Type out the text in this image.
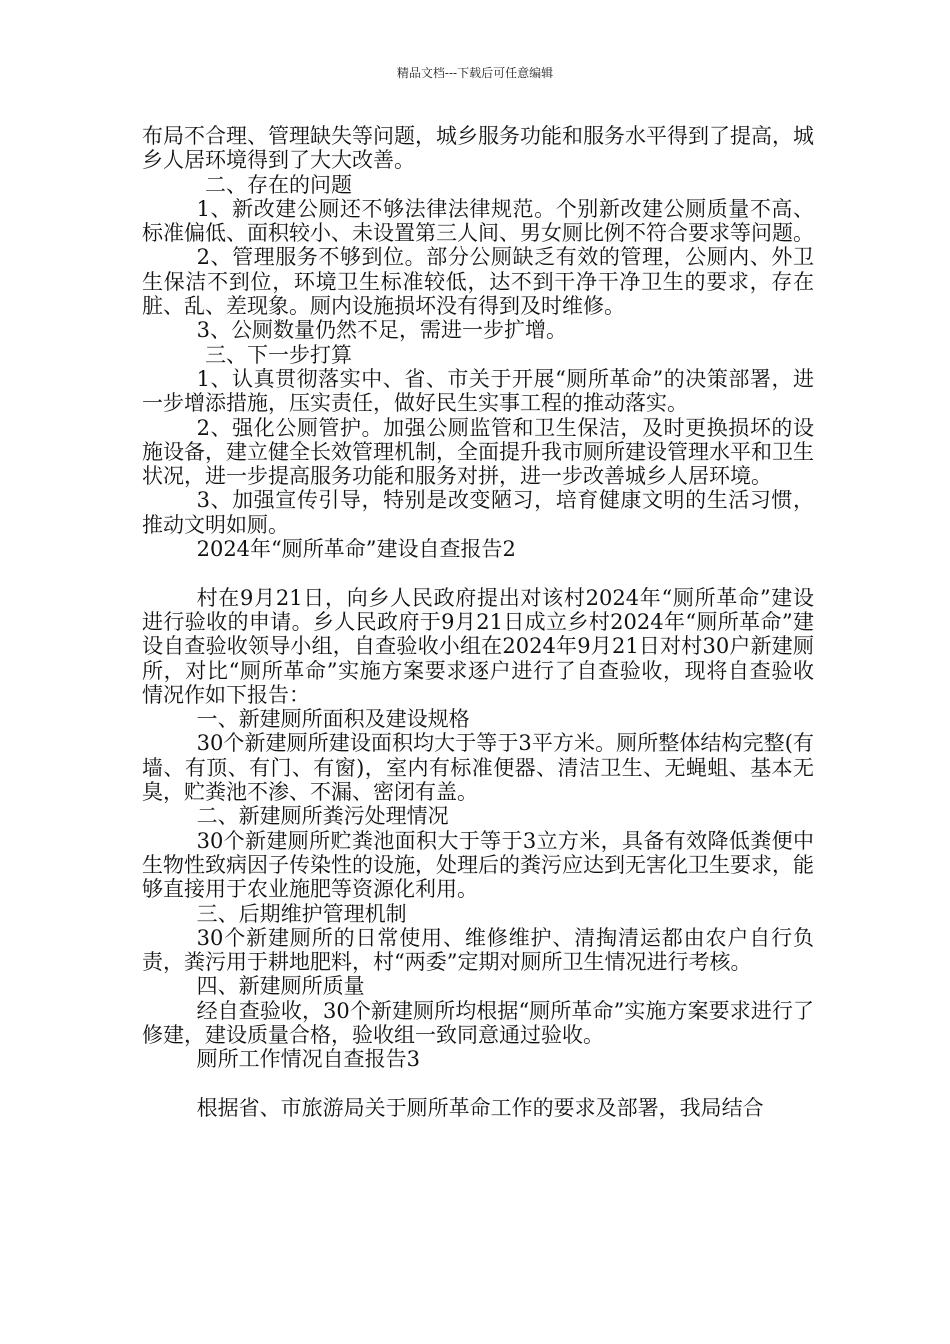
精品文档---下载后可任意编辑

布局不合理、管理缺失等问题，城乡服务功能和服务水平得到了提高，城乡人居环境得到了大大改善。

二、存在的问题

1、新改建公厕还不够法律法律规范。个别新改建公厕质量不高、标准偏低、面积较小、未设置第三人间、男女厕比例不符合要求等问题。

2、管理服务不够到位。部分公厕缺乏有效的管理，公厕内、外卫生保洁不到位，环境卫生标准较低，达不到干净干净卫生的要求，存在脏、乱、差现象。厕内设施损坏没有得到及时维修。

3、公厕数量仍然不足，需进一步扩增。

三、下一步打算

1、认真贯彻落实中、省、市关于开展“厕所革命”的决策部署，进一步增添措施，压实责任，做好民生实事工程的推动落实。

2、强化公厕管护。加强公厕监管和卫生保洁，及时更换损坏的设施设备，建立健全长效管理机制，全面提升我市厕所建设管理水平和卫生状况，进一步提高服务功能和服务对拼，进一步改善城乡人居环境。

3、加强宣传引导，特别是改变陋习，培育健康文明的生活习惯，推动文明如厕。

2024年“厕所革命”建设自查报告2

村在9月21日，向乡人民政府提出对该村2024年“厕所革命”建设进行验收的申请。乡人民政府于9月21日成立乡村2024年“厕所革命”建设自查验收领导小组，自查验收小组在2024年9月21日对村30户新建厕所，对比“厕所革命”实施方案要求逐户进行了自查验收，现将自查验收情况作如下报告：

一、新建厕所面积及建设规格

30个新建厕所建设面积均大于等于3平方米。厕所整体结构完整(有墙、有顶、有门、有窗)，室内有标准便器、清洁卫生、无蝇蛆、基本无臭，贮粪池不渗、不漏、密闭有盖。

二、新建厕所粪污处理情况

30个新建厕所贮粪池面积大于等于3立方米，具备有效降低粪便中生物性致病因子传染性的设施，处理后的粪污应达到无害化卫生要求，能够直接用于农业施肥等资源化利用。

三、后期维护管理机制

30个新建厕所的日常使用、维修维护、清掏清运都由农户自行负责，粪污用于耕地肥料，村“两委”定期对厕所卫生情况进行考核。

四、新建厕所质量

经自查验收，30个新建厕所均根据“厕所革命”实施方案要求进行了修建，建设质量合格，验收组一致同意通过验收。

厕所工作情况自查报告3

根据省、市旅游局关于厕所革命工作的要求及部署，我局结合
